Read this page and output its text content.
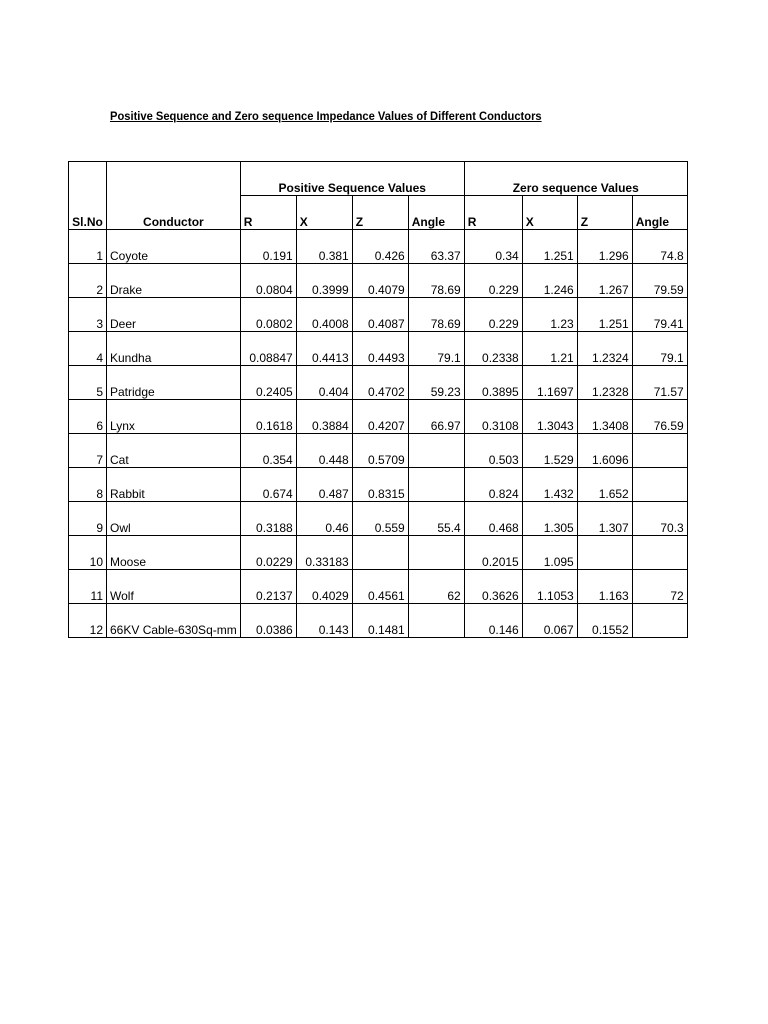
Positive Sequence and Zero sequence Impedance Values of Different Conductors
Sl.No	Conductor	Positive Sequence Values				Zero sequence Values			
		R	X	Z	Angle	R	X	Z	Angle
1	Coyote	0.191	0.381	0.426	63.37	0.34	1.251	1.296	74.8
2	Drake	0.0804	0.3999	0.4079	78.69	0.229	1.246	1.267	79.59
3	Deer	0.0802	0.4008	0.4087	78.69	0.229	1.23	1.251	79.41
4	Kundha	0.08847	0.4413	0.4493	79.1	0.2338	1.21	1.2324	79.1
5	Patridge	0.2405	0.404	0.4702	59.23	0.3895	1.1697	1.2328	71.57
6	Lynx	0.1618	0.3884	0.4207	66.97	0.3108	1.3043	1.3408	76.59
7	Cat	0.354	0.448	0.5709		0.503	1.529	1.6096	
8	Rabbit	0.674	0.487	0.8315		0.824	1.432	1.652	
9	Owl	0.3188	0.46	0.559	55.4	0.468	1.305	1.307	70.3
10	Moose	0.0229	0.33183			0.2015	1.095		
11	Wolf	0.2137	0.4029	0.4561	62	0.3626	1.1053	1.163	72
12	66KV Cable-630Sq-mm	0.0386	0.143	0.1481		0.146	0.067	0.1552	
